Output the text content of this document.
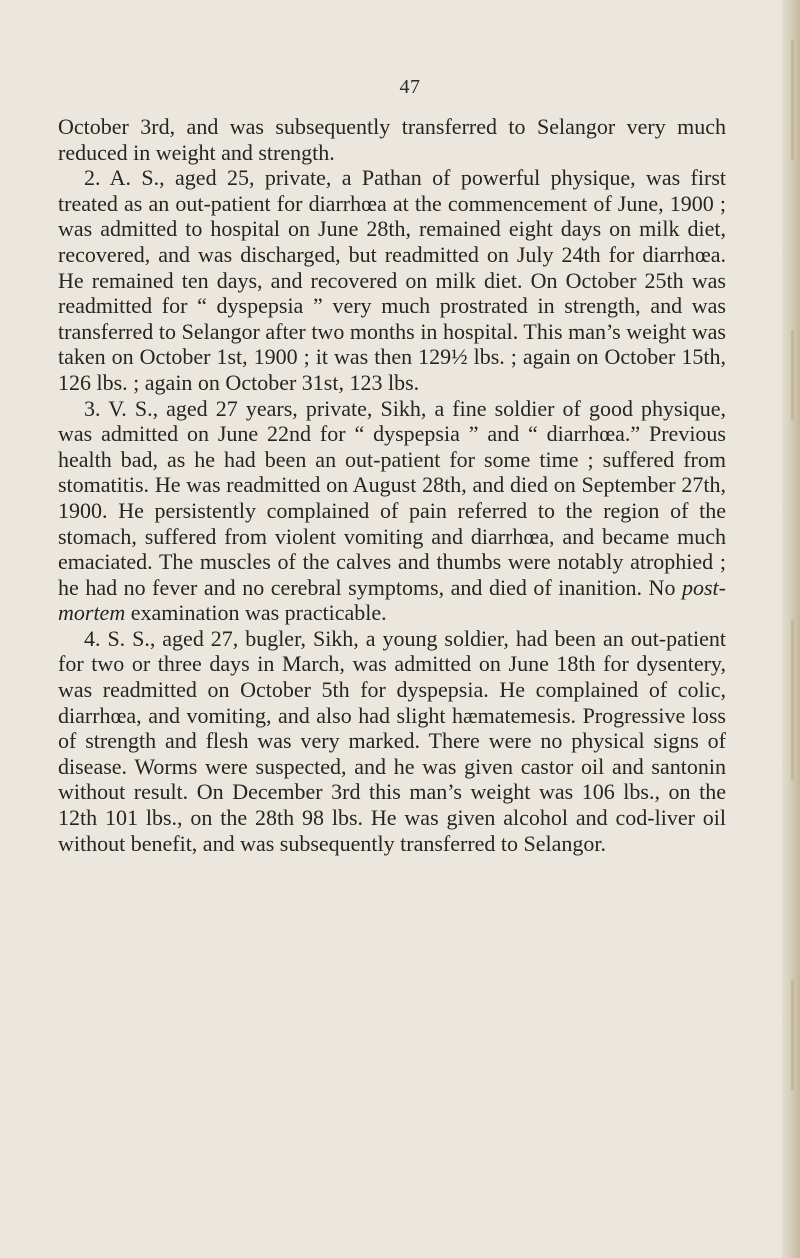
47

October 3rd, and was subsequently transferred to Selangor very much reduced in weight and strength.

2. A. S., aged 25, private, a Pathan of powerful physique, was first treated as an out-patient for diarrhœa at the commencement of June, 1900 ; was admitted to hospital on June 28th, remained eight days on milk diet, recovered, and was discharged, but readmitted on July 24th for diarrhœa. He remained ten days, and recovered on milk diet. On October 25th was readmitted for “ dyspepsia ” very much prostrated in strength, and was transferred to Selangor after two months in hospital. This man’s weight was taken on October 1st, 1900 ; it was then 129½ lbs. ; again on October 15th, 126 lbs. ; again on October 31st, 123 lbs.

3. V. S., aged 27 years, private, Sikh, a fine soldier of good physique, was admitted on June 22nd for “ dyspepsia ” and “ diarrhœa.” Previous health bad, as he had been an out-patient for some time ; suffered from stomatitis. He was readmitted on August 28th, and died on September 27th, 1900. He persistently complained of pain referred to the region of the stomach, suffered from violent vomiting and diarrhœa, and became much emaciated. The muscles of the calves and thumbs were notably atrophied ; he had no fever and no cerebral symptoms, and died of inanition. No post-mortem examination was practicable.

4. S. S., aged 27, bugler, Sikh, a young soldier, had been an out-patient for two or three days in March, was admitted on June 18th for dysentery, was readmitted on October 5th for dyspepsia. He complained of colic, diarrhœa, and vomiting, and also had slight hæmatemesis. Progressive loss of strength and flesh was very marked. There were no physical signs of disease. Worms were suspected, and he was given castor oil and santonin without result. On December 3rd this man’s weight was 106 lbs., on the 12th 101 lbs., on the 28th 98 lbs. He was given alcohol and cod-liver oil without benefit, and was subsequently transferred to Selangor.
